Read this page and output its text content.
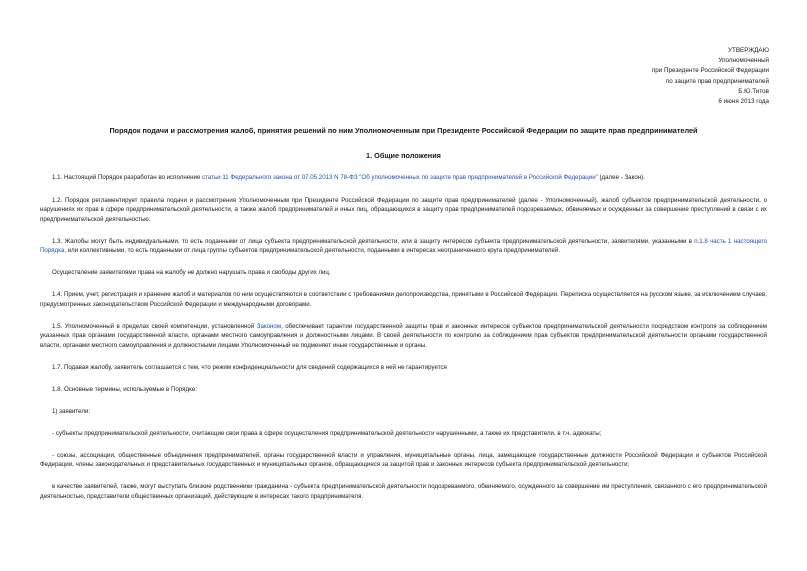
УТВЕРЖДАЮ
Уполномоченный
при Президенте Российской Федерации
по защите прав предпринимателей
Б.Ю.Титов
6 июня 2013 года
Порядок подачи и рассмотрения жалоб, принятия решений по ним Уполномоченным при Президенте Российской Федерации по защите прав предпринимателей
1. Общие положения

1.1. Настоящий Порядок разработан во исполнение статьи 11 Федерального закона от 07.05.2013 N 78-ФЗ "Об уполномоченных по защите прав предпринимателей в Российской Федерации" (далее - Закон).

1.2. Порядок регламентирует правила подачи и рассмотрения Уполномоченным при Президенте Российской Федерации по защите прав предпринимателей (далее - Уполномоченный), жалоб субъектов предпринимательской деятельности, о нарушениях их прав в сфере предпринимательской деятельности, а также жалоб предпринимателей и иных лиц, обращающихся в защиту прав предпринимателей подозреваемых, обвиняемых и осужденных за совершение преступлений в связи с их предпринимательской деятельностью.

1.3. Жалобы могут быть индивидуальными, то есть поданными от лица субъекта предпринимательской деятельности, или в защиту интересов субъекта предпринимательской деятельности, заявителями, указанными в п.1.8 часть 1 настоящего Порядка, или коллективными, то есть поданными от лица группы субъектов предпринимательской деятельности, поданными в интересах неограниченного круга предпринимателей.

Осуществление заявителями права на жалобу не должно нарушать права и свободы других лиц.

1.4. Прием, учет, регистрация и хранение жалоб и материалов по ним осуществляются в соответствии с требованиями делопроизводства, принятыми в Российской Федерации. Переписка осуществляется на русском языке, за исключением случаев, предусмотренных законодательством Российской Федерации и международными договорами.

1.5. Уполномоченный в пределах своей компетенции, установленной Законом, обеспечивает гарантии государственной защиты прав и законных интересов субъектов предпринимательской деятельности посредством контроля за соблюдением указанных прав органами государственной власти, органами местного самоуправления и должностными лицами. В своей деятельности по контролю за соблюдением прав субъектов предпринимательской деятельности органами государственной власти, органами местного самоуправления и должностными лицами Уполномоченный не подменяет иные государственные и органы.

1.7. Подавая жалобу, заявитель соглашается с тем, что режим конфиденциальности для сведений содержащихся в ней не гарантируется

1.8. Основные термины, используемые в Порядке:

1) заявители:

- субъекты предпринимательской деятельности, считающие свои права в сфере осуществления предпринимательской деятельности нарушенными, а также их представители, в т.ч. адвокаты;

- союзы, ассоциации, общественные объединения предпринимателей, органы государственной власти и управления, муниципальные органы, лица, замещающие государственные должности Российской Федерации и субъектов Российской Федерации, члены законодательных и представительных государственных и муниципальных органов, обращающиеся за защитой прав и законных интересов субъекта предпринимательской деятельности;

в качестве заявителей, также, могут выступать близкие родственники гражданина - субъекта предпринимательской деятельности подозреваемого, обвиняемого, осужденного за совершение им преступления, связанного с его предпринимательской деятельностью, представители общественных организаций, действующие в интересах такого предпринимателя.
